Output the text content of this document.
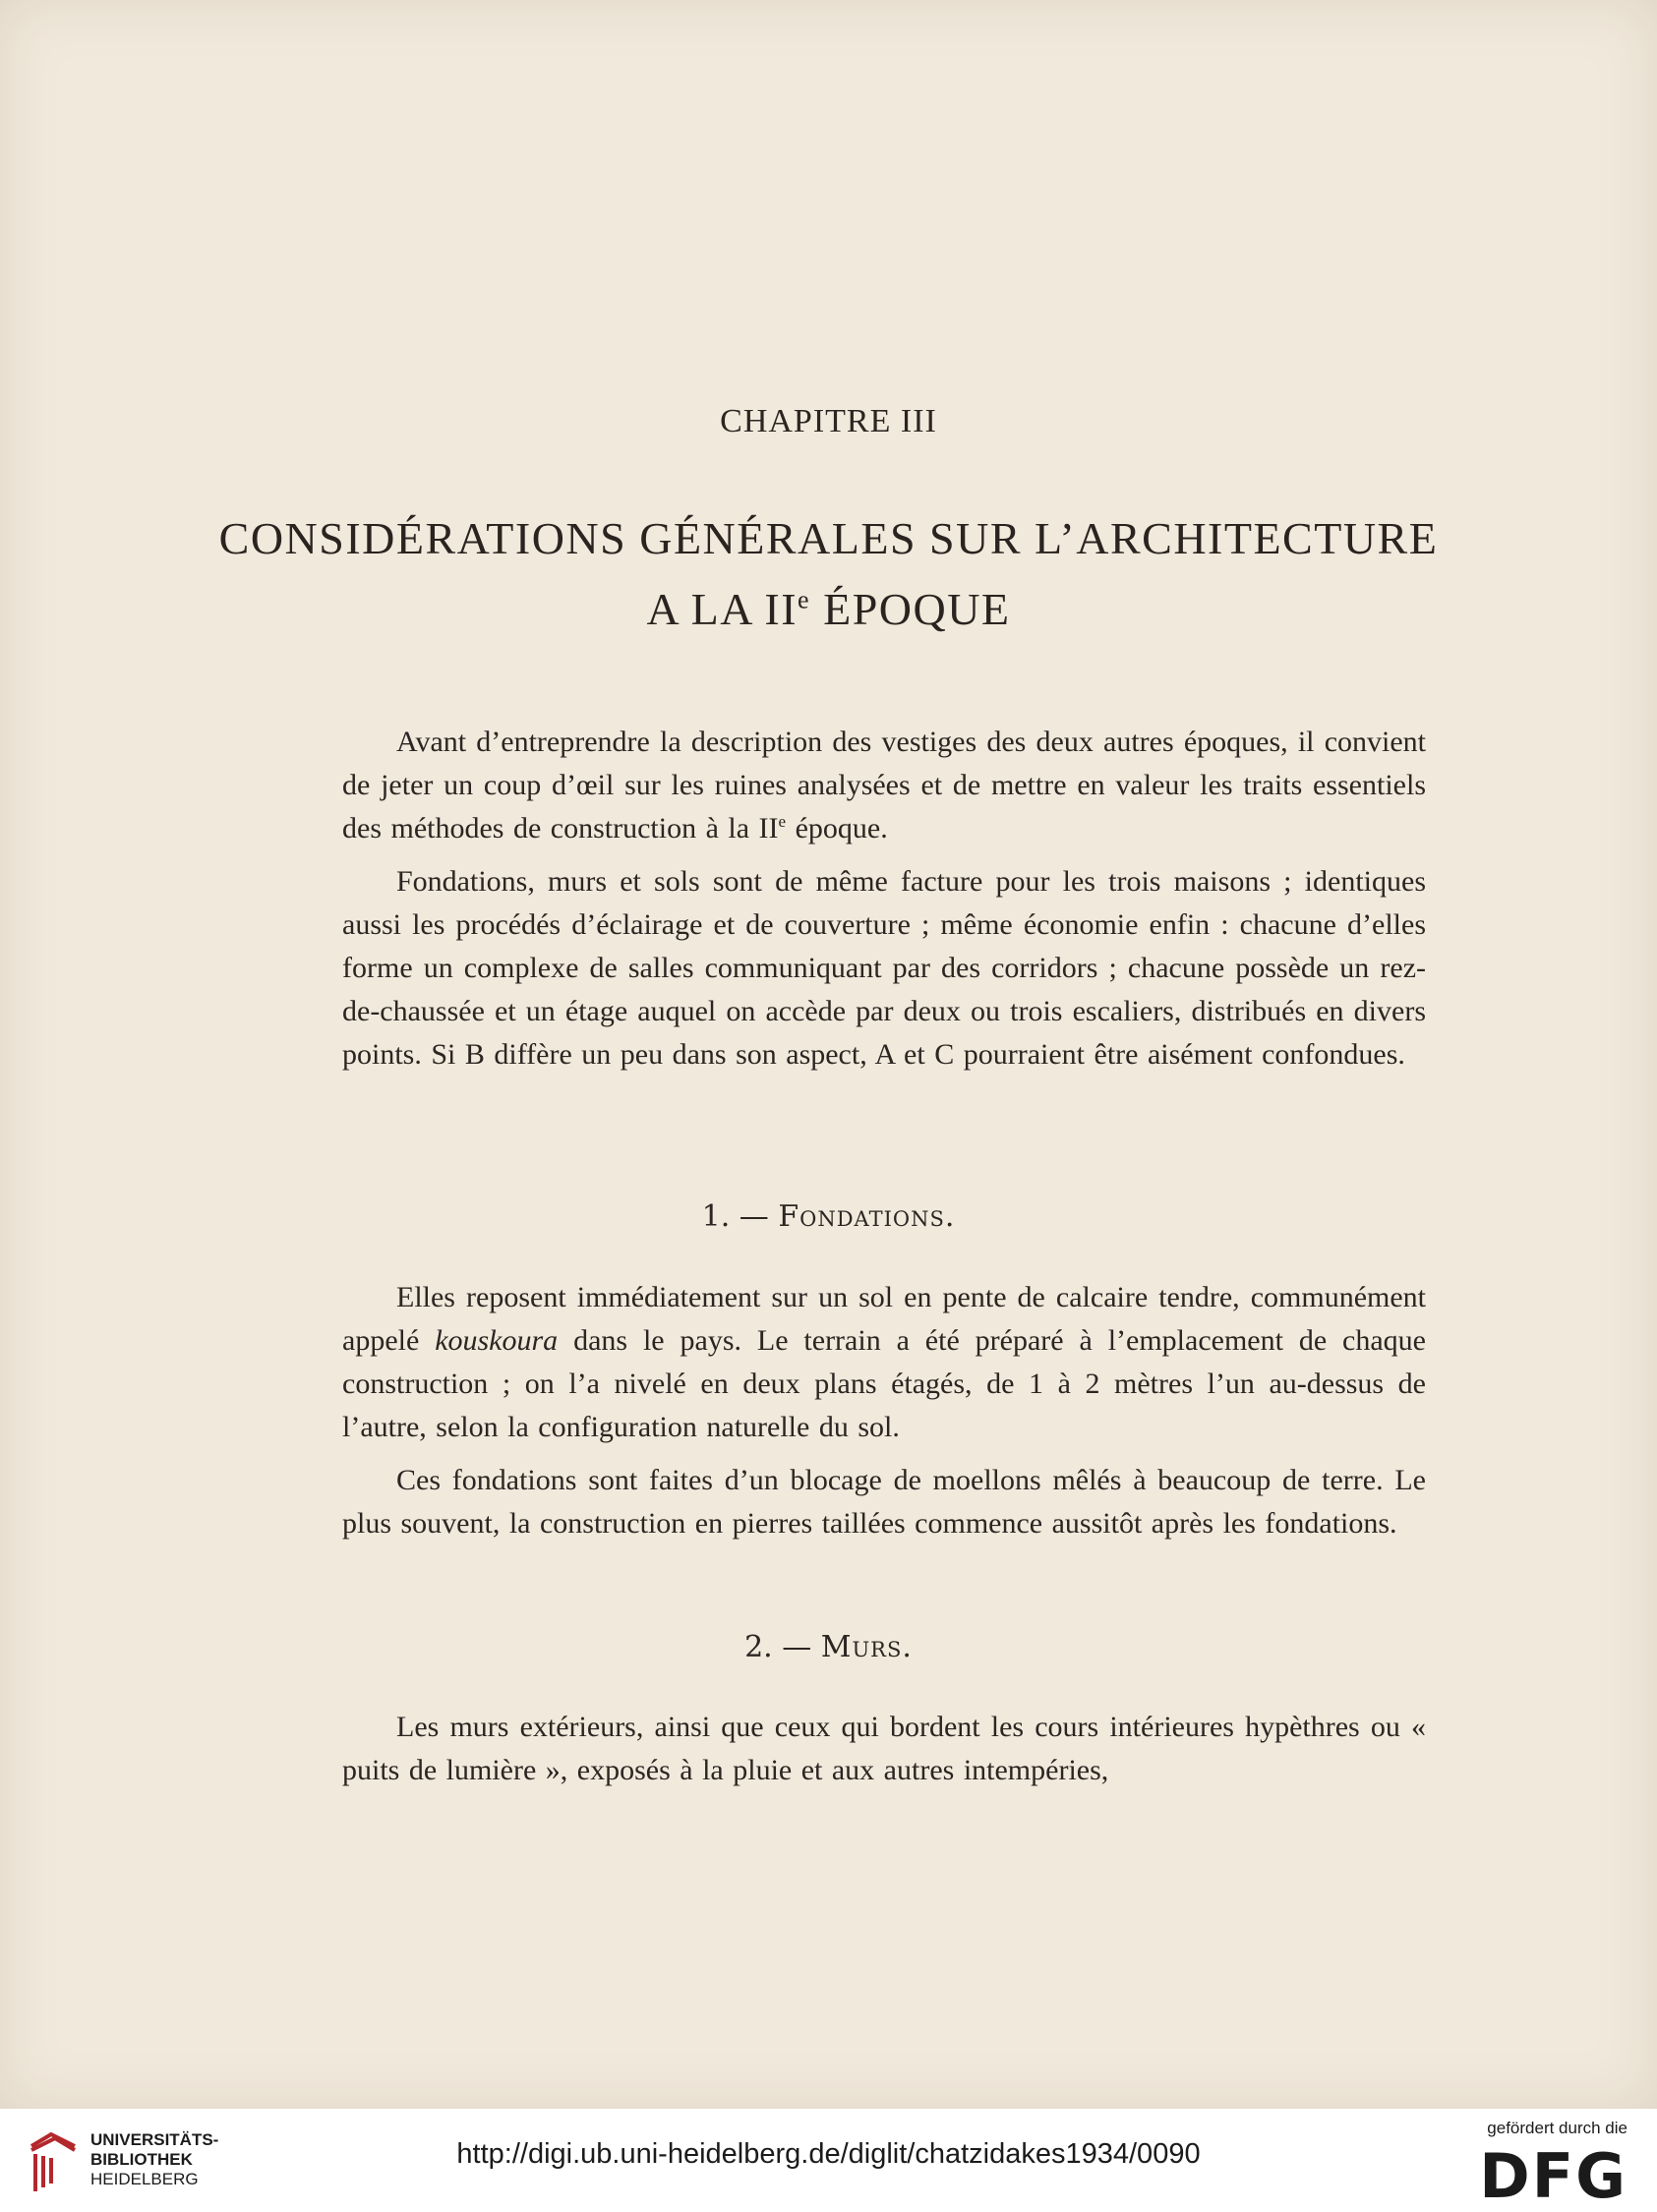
CHAPITRE III
CONSIDÉRATIONS GÉNÉRALES SUR L’ARCHITECTURE
A LA IIe ÉPOQUE

Avant d’entreprendre la description des vestiges des deux autres époques, il convient de jeter un coup d’œil sur les ruines analysées et de mettre en valeur les traits essentiels des méthodes de construction à la IIe époque.

Fondations, murs et sols sont de même facture pour les trois maisons ; identiques aussi les procédés d’éclairage et de couverture ; même économie enfin : chacune d’elles forme un complexe de salles communiquant par des corridors ; chacune possède un rez-de-chaussée et un étage auquel on accède par deux ou trois escaliers, distribués en divers points. Si B diffère un peu dans son aspect, A et C pourraient être aisément confondues.

1. — Fondations.

Elles reposent immédiatement sur un sol en pente de calcaire tendre, communément appelé kouskoura dans le pays. Le terrain a été préparé à l’emplacement de chaque construction ; on l’a nivelé en deux plans étagés, de 1 à 2 mètres l’un au-dessus de l’autre, selon la configuration naturelle du sol.

Ces fondations sont faites d’un blocage de moellons mêlés à beaucoup de terre. Le plus souvent, la construction en pierres taillées commence aussitôt après les fondations.

2. — Murs.

Les murs extérieurs, ainsi que ceux qui bordent les cours intérieures hypèthres ou « puits de lumière », exposés à la pluie et aux autres intempéries,

UNIVERSITÄTS-
BIBLIOTHEK
HEIDELBERG
http://digi.ub.uni-heidelberg.de/diglit/chatzidakes1934/0090
gefördert durch die
DFG
